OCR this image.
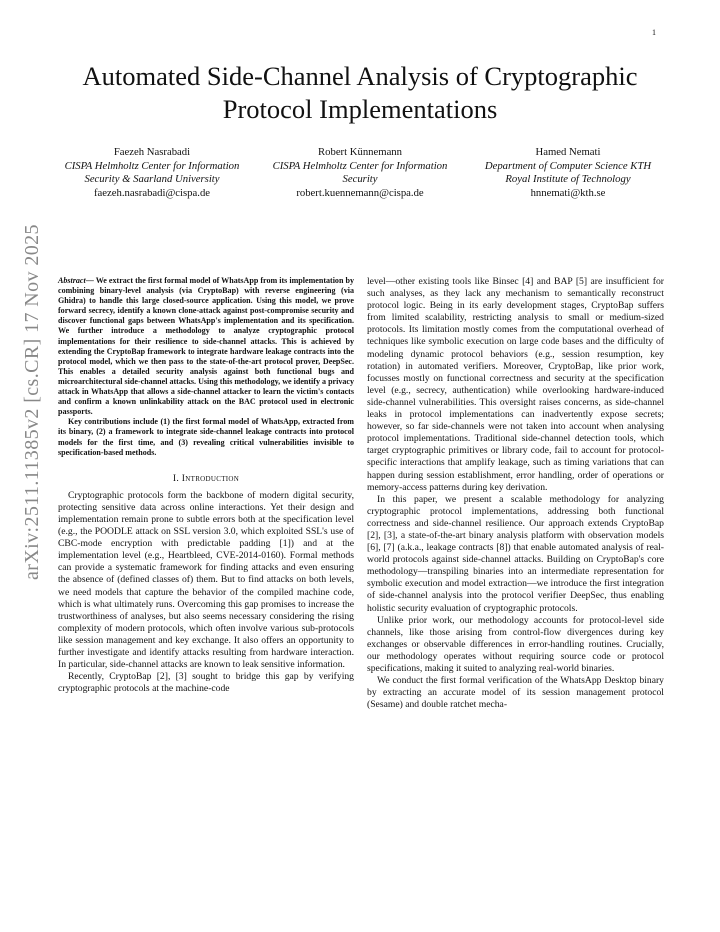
1
Automated Side-Channel Analysis of Cryptographic Protocol Implementations
Faezeh Nasrabadi
CISPA Helmholtz Center for Information Security & Saarland University
faezeh.nasrabadi@cispa.de
Robert Künnemann
CISPA Helmholtz Center for Information Security
robert.kuennemann@cispa.de
Hamed Nemati
Department of Computer Science KTH Royal Institute of Technology
hnnemati@kth.se
arXiv:2511.11385v2 [cs.CR] 17 Nov 2025	Abstract— We extract the first formal model of WhatsApp from its implementation by combining binary-level analysis (via CryptoBap) with reverse engineering (via Ghidra) to handle this large closed-source application. Using this model, we prove forward secrecy, identify a known clone-attack against post-compromise security and discover functional gaps between WhatsApp's implementation and its specification. We further introduce a methodology to analyze cryptographic protocol implementations for their resilience to side-channel attacks. This is achieved by extending the CryptoBap framework to integrate hardware leakage contracts into the protocol model, which we then pass to the state-of-the-art protocol prover, DeepSec. This enables a detailed security analysis against both functional bugs and microarchitectural side-channel attacks. Using this methodology, we identify a privacy attack in WhatsApp that allows a side-channel attacker to learn the victim's contacts and confirm a known unlinkability attack on the BAC protocol used in electronic passports.

Key contributions include (1) the first formal model of WhatsApp, extracted from its binary, (2) a framework to integrate side-channel leakage contracts into protocol models for the first time, and (3) revealing critical vulnerabilities invisible to specification-based methods.

I. Introduction

Cryptographic protocols form the backbone of modern digital security, protecting sensitive data across online interactions. Yet their design and implementation remain prone to subtle errors both at the specification level (e.g., the POODLE attack on SSL version 3.0, which exploited SSL's use of CBC-mode encryption with predictable padding [1]) and at the implementation level (e.g., Heartbleed, CVE-2014-0160). Formal methods can provide a systematic framework for finding attacks and even ensuring the absence of (defined classes of) them. But to find attacks on both levels, we need models that capture the behavior of the compiled machine code, which is what ultimately runs. Overcoming this gap promises to increase the trustworthiness of analyses, but also seems necessary considering the rising complexity of modern protocols, which often involve various sub-protocols like session management and key exchange. It also offers an opportunity to further investigate and identify attacks resulting from hardware interaction. In particular, side-channel attacks are known to leak sensitive information.

Recently, CryptoBap [2], [3] sought to bridge this gap by verifying cryptographic protocols at the machine-code

level—other existing tools like Binsec [4] and BAP [5] are insufficient for such analyses, as they lack any mechanism to semantically reconstruct protocol logic. Being in its early development stages, CryptoBap suffers from limited scalability, restricting analysis to small or medium-sized protocols. Its limitation mostly comes from the computational overhead of techniques like symbolic execution on large code bases and the difficulty of modeling dynamic protocol behaviors (e.g., session resumption, key rotation) in automated verifiers. Moreover, CryptoBap, like prior work, focusses mostly on functional correctness and security at the specification level (e.g., secrecy, authentication) while overlooking hardware-induced side-channel vulnerabilities. This oversight raises concerns, as side-channel leaks in protocol implementations can inadvertently expose secrets; however, so far side-channels were not taken into account when analysing protocol implementations. Traditional side-channel detection tools, which target cryptographic primitives or library code, fail to account for protocol-specific interactions that amplify leakage, such as timing variations that can happen during session establishment, error handling, order of operations or memory-access patterns during key derivation.

In this paper, we present a scalable methodology for analyzing cryptographic protocol implementations, addressing both functional correctness and side-channel resilience. Our approach extends CryptoBap [2], [3], a state-of-the-art binary analysis platform with observation models [6], [7] (a.k.a., leakage contracts [8]) that enable automated analysis of real-world protocols against side-channel attacks. Building on CryptoBap's core methodology—transpiling binaries into an intermediate representation for symbolic execution and model extraction—we introduce the first integration of side-channel analysis into the protocol verifier DeepSec, thus enabling holistic security evaluation of cryptographic protocols.

Unlike prior work, our methodology accounts for protocol-level side channels, like those arising from control-flow divergences during key exchanges or observable differences in error-handling routines. Crucially, our methodology operates without requiring source code or protocol specifications, making it suited to analyzing real-world binaries.

We conduct the first formal verification of the WhatsApp Desktop binary by extracting an accurate model of its session management protocol (Sesame) and double ratchet mecha-
